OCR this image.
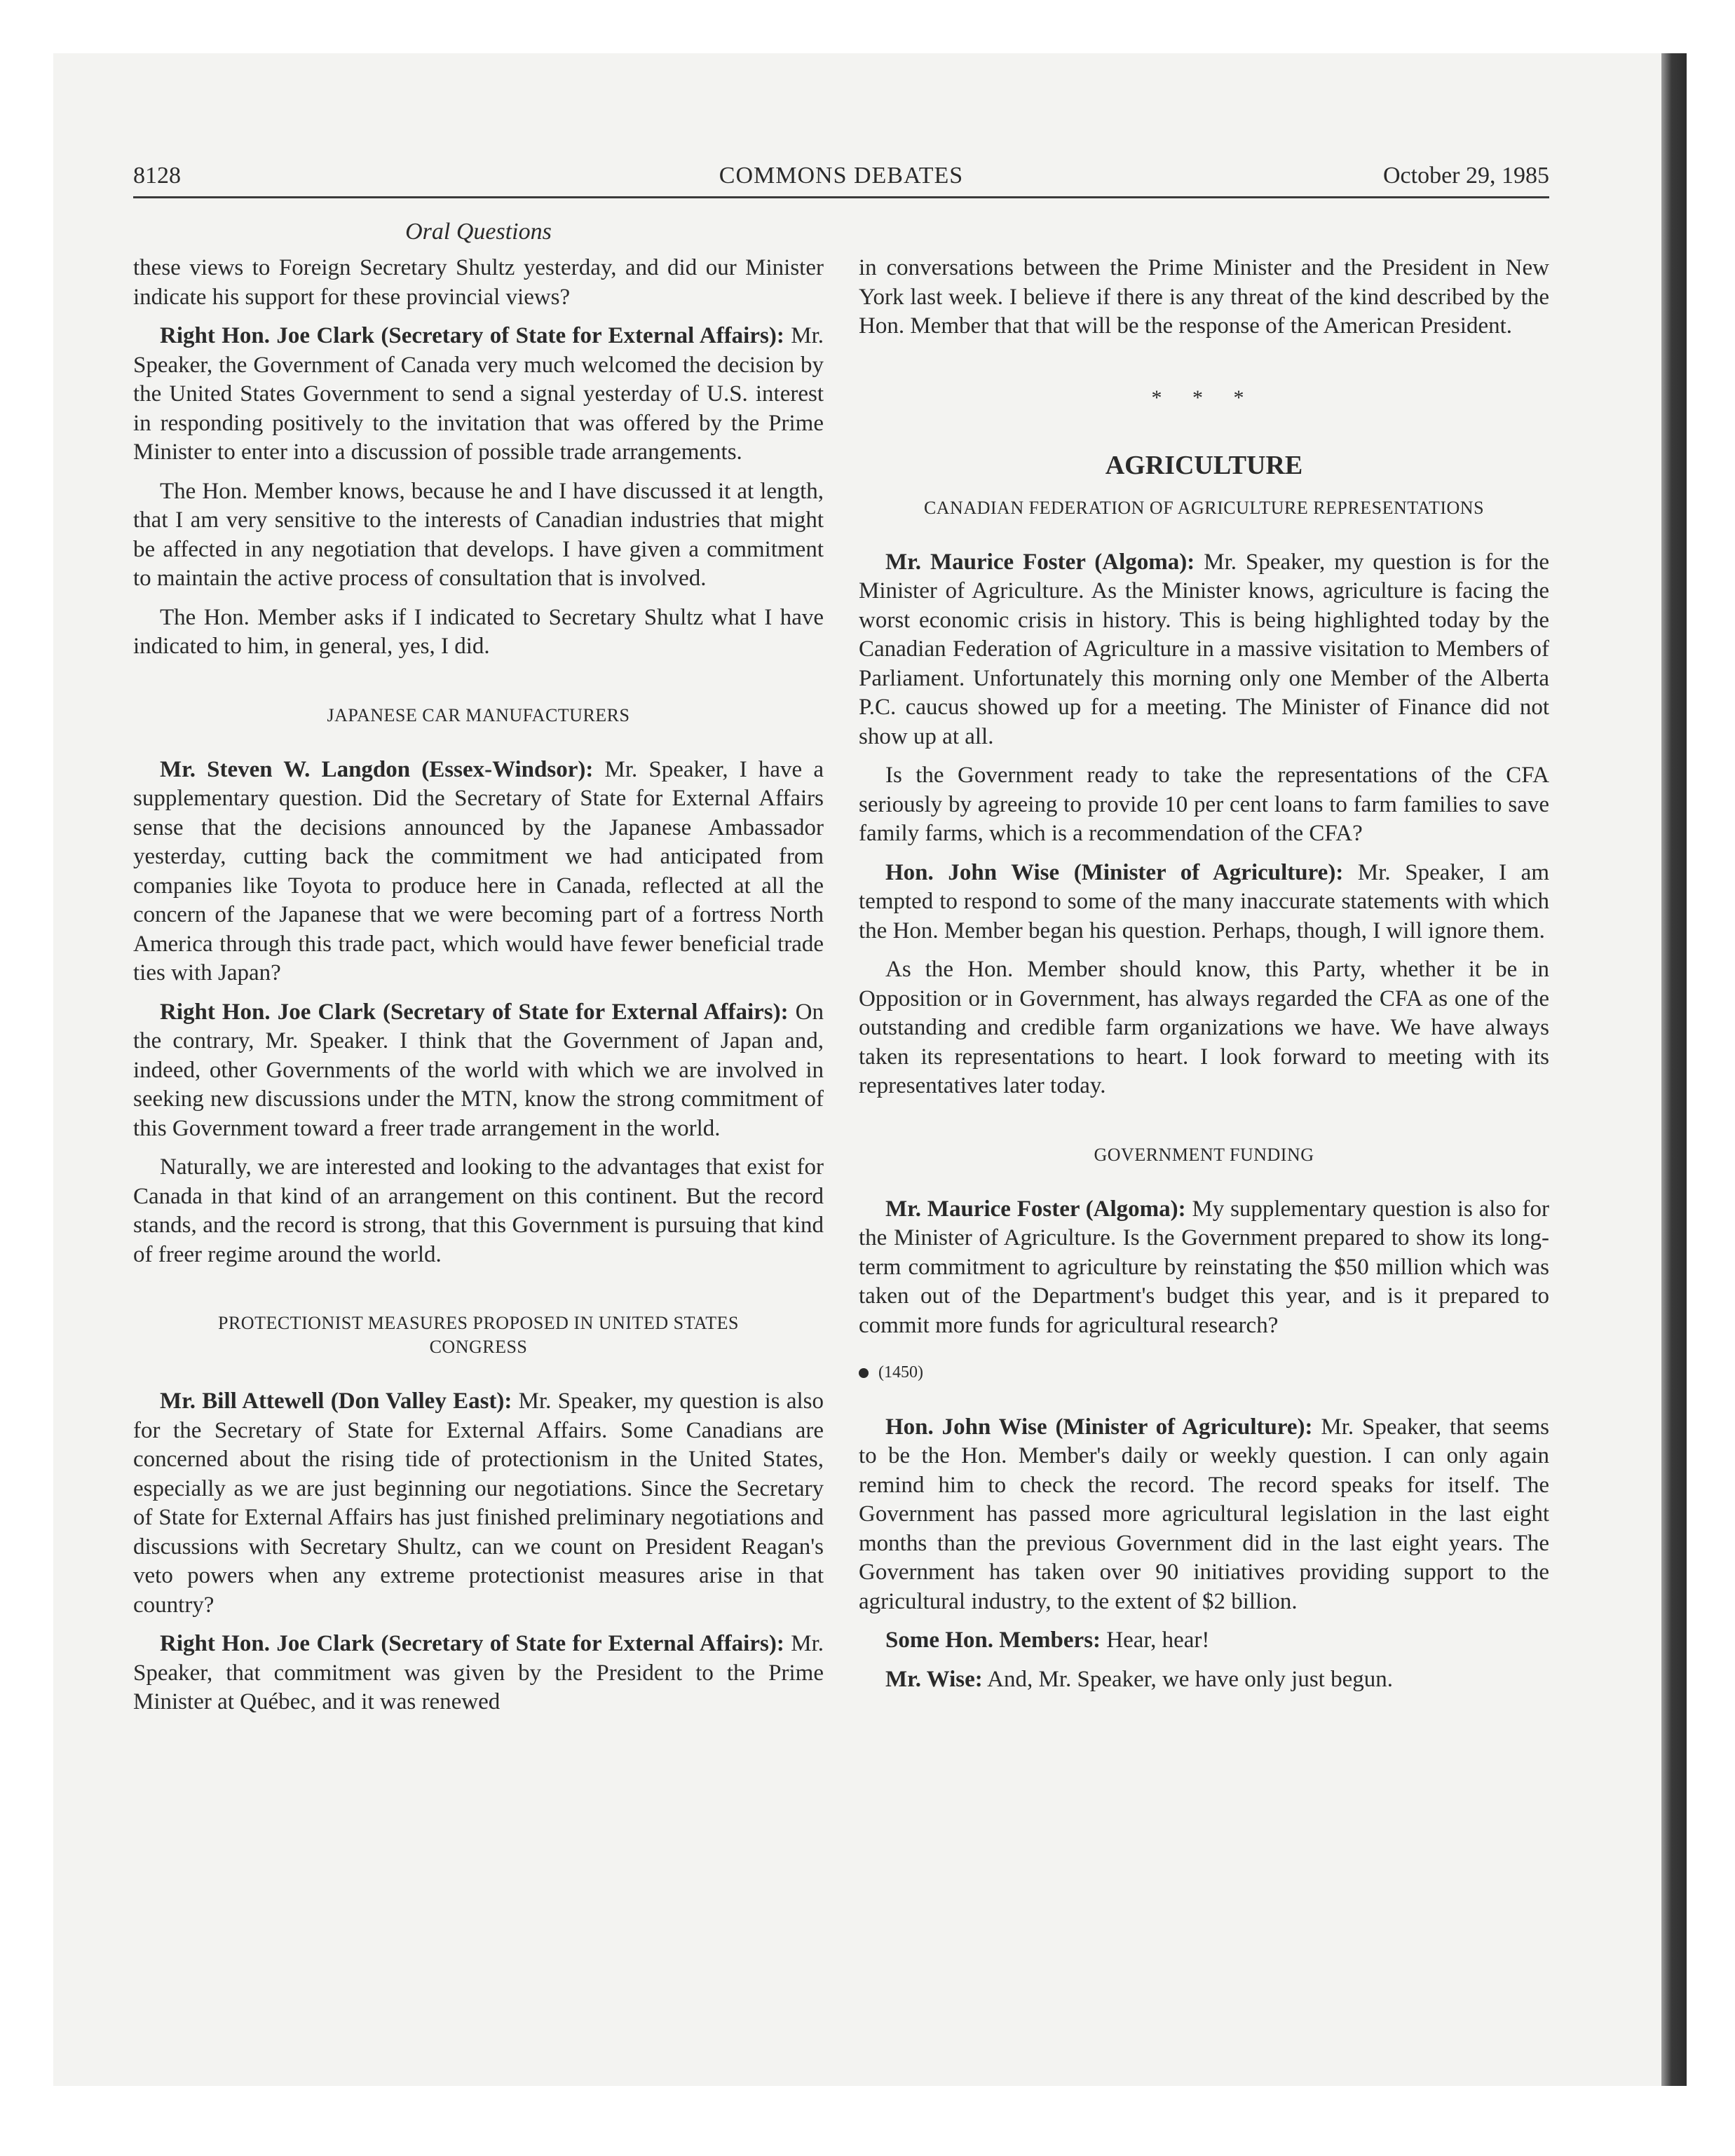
8128	COMMONS DEBATES	October 29, 1985
Oral Questions

these views to Foreign Secretary Shultz yesterday, and did our Minister indicate his support for these provincial views?

Right Hon. Joe Clark (Secretary of State for External Affairs): Mr. Speaker, the Government of Canada very much welcomed the decision by the United States Government to send a signal yesterday of U.S. interest in responding positively to the invitation that was offered by the Prime Minister to enter into a discussion of possible trade arrangements.

The Hon. Member knows, because he and I have discussed it at length, that I am very sensitive to the interests of Canadian industries that might be affected in any negotiation that develops. I have given a commitment to maintain the active process of consultation that is involved.

The Hon. Member asks if I indicated to Secretary Shultz what I have indicated to him, in general, yes, I did.

JAPANESE CAR MANUFACTURERS

Mr. Steven W. Langdon (Essex-Windsor): Mr. Speaker, I have a supplementary question. Did the Secretary of State for External Affairs sense that the decisions announced by the Japanese Ambassador yesterday, cutting back the commitment we had anticipated from companies like Toyota to produce here in Canada, reflected at all the concern of the Japanese that we were becoming part of a fortress North America through this trade pact, which would have fewer beneficial trade ties with Japan?

Right Hon. Joe Clark (Secretary of State for External Affairs): On the contrary, Mr. Speaker. I think that the Government of Japan and, indeed, other Governments of the world with which we are involved in seeking new discussions under the MTN, know the strong commitment of this Government toward a freer trade arrangement in the world.

Naturally, we are interested and looking to the advantages that exist for Canada in that kind of an arrangement on this continent. But the record stands, and the record is strong, that this Government is pursuing that kind of freer regime around the world.

PROTECTIONIST MEASURES PROPOSED IN UNITED STATES CONGRESS

Mr. Bill Attewell (Don Valley East): Mr. Speaker, my question is also for the Secretary of State for External Affairs. Some Canadians are concerned about the rising tide of protectionism in the United States, especially as we are just beginning our negotiations. Since the Secretary of State for External Affairs has just finished preliminary negotiations and discussions with Secretary Shultz, can we count on President Reagan's veto powers when any extreme protectionist measures arise in that country?

Right Hon. Joe Clark (Secretary of State for External Affairs): Mr. Speaker, that commitment was given by the President to the Prime Minister at Québec, and it was renewed

in conversations between the Prime Minister and the President in New York last week. I believe if there is any threat of the kind described by the Hon. Member that that will be the response of the American President.

* * *
AGRICULTURE
CANADIAN FEDERATION OF AGRICULTURE REPRESENTATIONS

Mr. Maurice Foster (Algoma): Mr. Speaker, my question is for the Minister of Agriculture. As the Minister knows, agriculture is facing the worst economic crisis in history. This is being highlighted today by the Canadian Federation of Agriculture in a massive visitation to Members of Parliament. Unfortunately this morning only one Member of the Alberta P.C. caucus showed up for a meeting. The Minister of Finance did not show up at all.

Is the Government ready to take the representations of the CFA seriously by agreeing to provide 10 per cent loans to farm families to save family farms, which is a recommendation of the CFA?

Hon. John Wise (Minister of Agriculture): Mr. Speaker, I am tempted to respond to some of the many inaccurate statements with which the Hon. Member began his question. Perhaps, though, I will ignore them.

As the Hon. Member should know, this Party, whether it be in Opposition or in Government, has always regarded the CFA as one of the outstanding and credible farm organizations we have. We have always taken its representations to heart. I look forward to meeting with its representatives later today.

GOVERNMENT FUNDING

Mr. Maurice Foster (Algoma): My supplementary question is also for the Minister of Agriculture. Is the Government prepared to show its long-term commitment to agriculture by reinstating the $50 million which was taken out of the Department's budget this year, and is it prepared to commit more funds for agricultural research?

(1450)

Hon. John Wise (Minister of Agriculture): Mr. Speaker, that seems to be the Hon. Member's daily or weekly question. I can only again remind him to check the record. The record speaks for itself. The Government has passed more agricultural legislation in the last eight months than the previous Government did in the last eight years. The Government has taken over 90 initiatives providing support to the agricultural industry, to the extent of $2 billion.

Some Hon. Members: Hear, hear!

Mr. Wise: And, Mr. Speaker, we have only just begun.
